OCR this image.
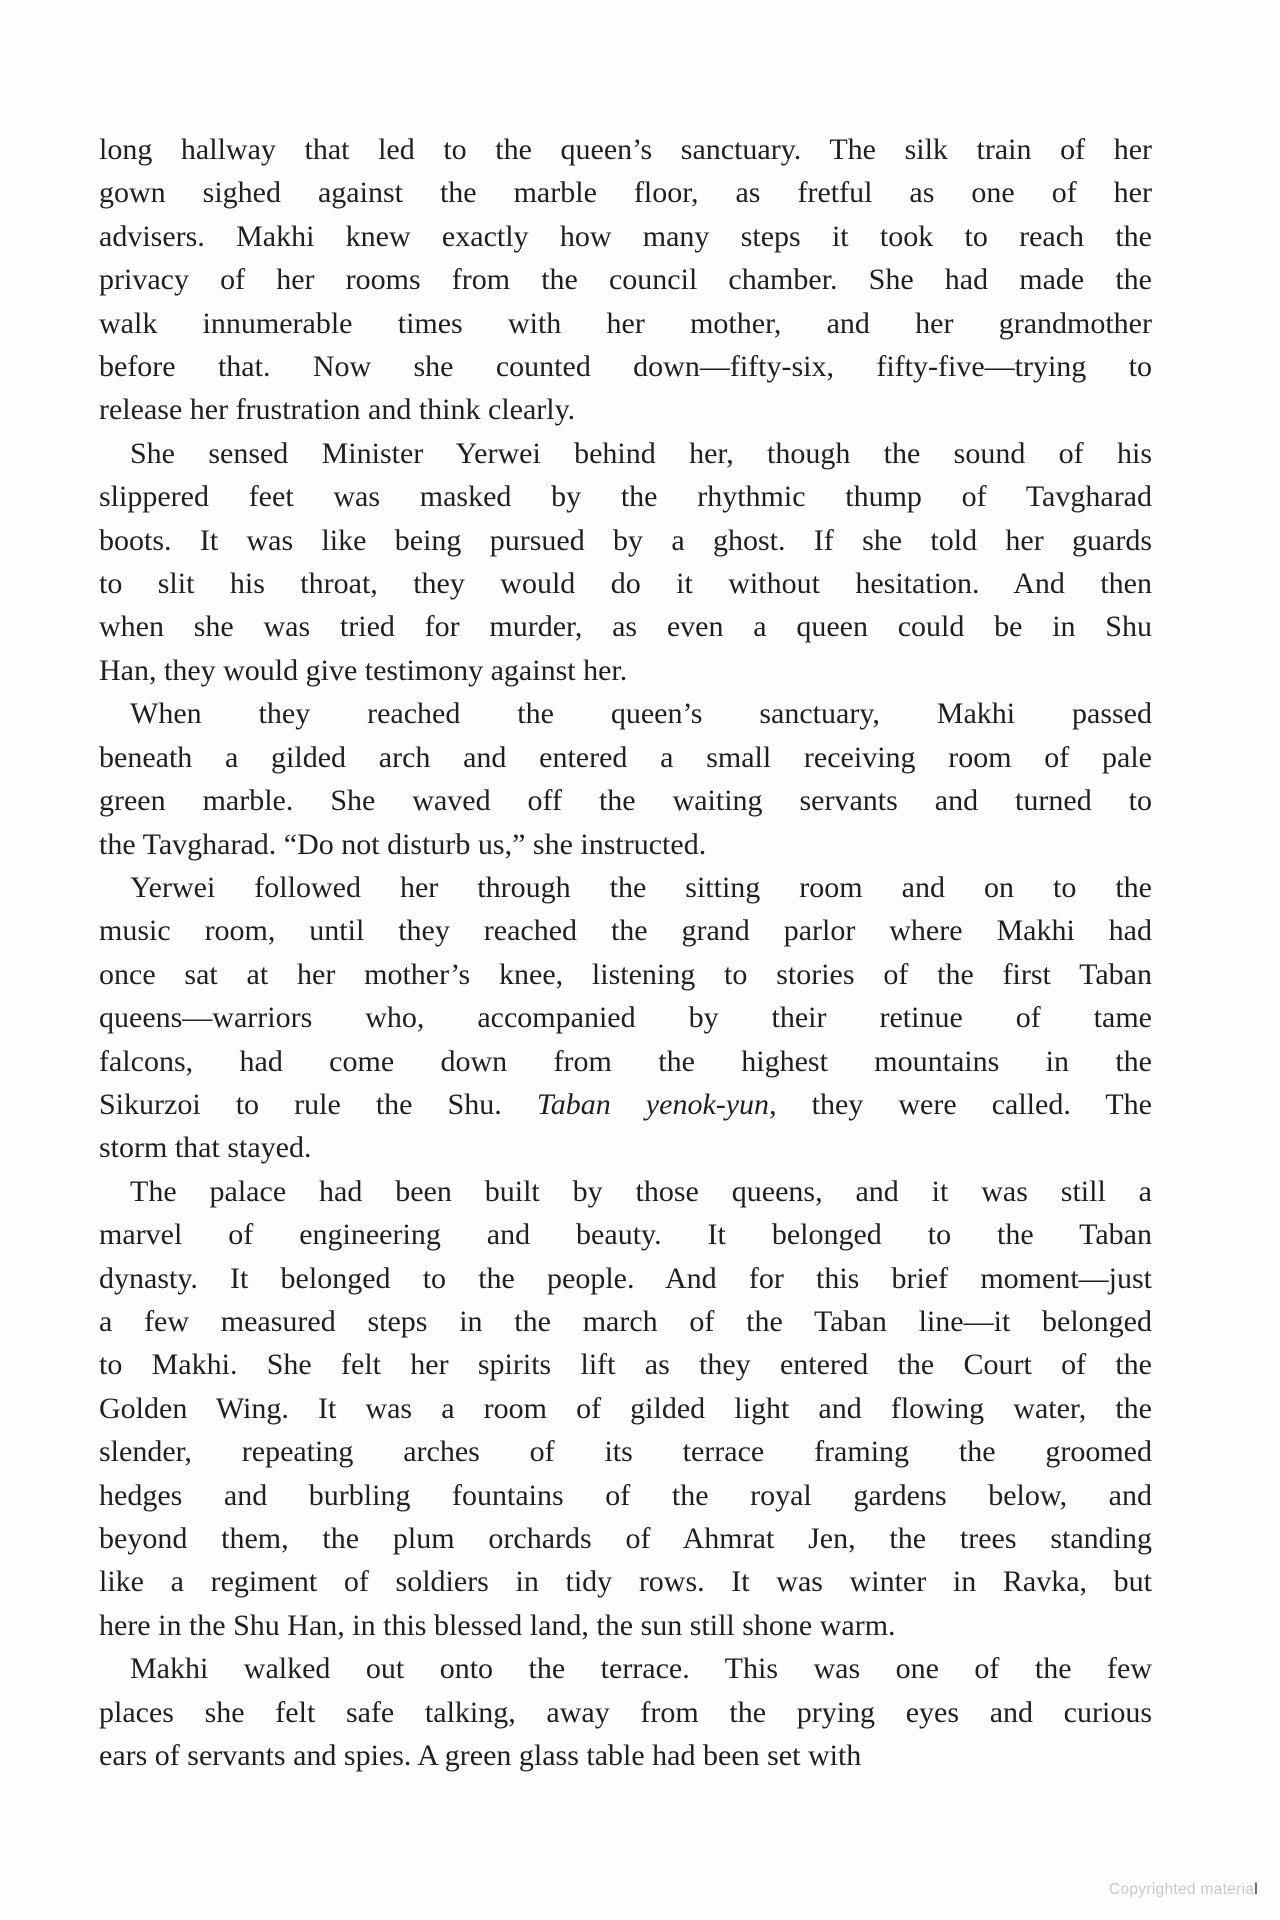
long hallway that led to the queen’s sanctuary. The silk train of her
gown sighed against the marble floor, as fretful as one of her
advisers. Makhi knew exactly how many steps it took to reach the
privacy of her rooms from the council chamber. She had made the
walk innumerable times with her mother, and her grandmother
before that. Now she counted down—fifty-six, fifty-five—trying to
release her frustration and think clearly.
She sensed Minister Yerwei behind her, though the sound of his
slippered feet was masked by the rhythmic thump of Tavgharad
boots. It was like being pursued by a ghost. If she told her guards
to slit his throat, they would do it without hesitation. And then
when she was tried for murder, as even a queen could be in Shu
Han, they would give testimony against her.
When they reached the queen’s sanctuary, Makhi passed
beneath a gilded arch and entered a small receiving room of pale
green marble. She waved off the waiting servants and turned to
the Tavgharad. “Do not disturb us,” she instructed.
Yerwei followed her through the sitting room and on to the
music room, until they reached the grand parlor where Makhi had
once sat at her mother’s knee, listening to stories of the first Taban
queens—warriors who, accompanied by their retinue of tame
falcons, had come down from the highest mountains in the
Sikurzoi to rule the Shu. Taban yenok-yun, they were called. The
storm that stayed.
The palace had been built by those queens, and it was still a
marvel of engineering and beauty. It belonged to the Taban
dynasty. It belonged to the people. And for this brief moment—just
a few measured steps in the march of the Taban line—it belonged
to Makhi. She felt her spirits lift as they entered the Court of the
Golden Wing. It was a room of gilded light and flowing water, the
slender, repeating arches of its terrace framing the groomed
hedges and burbling fountains of the royal gardens below, and
beyond them, the plum orchards of Ahmrat Jen, the trees standing
like a regiment of soldiers in tidy rows. It was winter in Ravka, but
here in the Shu Han, in this blessed land, the sun still shone warm.
Makhi walked out onto the terrace. This was one of the few
places she felt safe talking, away from the prying eyes and curious
ears of servants and spies. A green glass table had been set with
Copyrighted material
